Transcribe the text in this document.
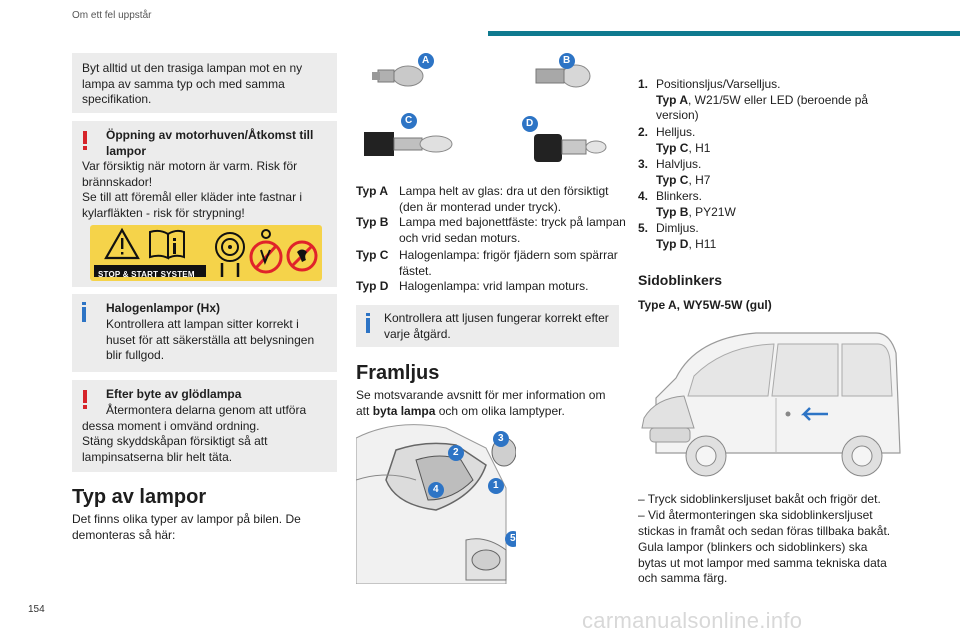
Om ett fel uppstår
Byt alltid ut den trasiga lampan mot en ny lampa av samma typ och med samma specifikation.
Öppning av motorhuven/Åtkomst till lampor
Var försiktig när motorn är varm. Risk för brännskador!
Se till att föremål eller kläder inte fastnar i kylarfläkten - risk för strypning!
STOP & START SYSTEM
Halogenlampor (Hx)
Kontrollera att lampan sitter korrekt i huset för att säkerställa att belysningen blir fullgod.
Efter byte av glödlampa
Återmontera delarna genom att utföra dessa moment i omvänd ordning.
Stäng skyddskåpan försiktigt så att lampinsatserna blir helt täta.
Typ av lampor
Det finns olika typer av lampor på bilen. De demonteras så här:
A	B
C	D
Typ A Lampa helt av glas: dra ut den försiktigt (den är monterad under tryck).
Typ B Lampa med bajonettfäste: tryck på lampan och vrid sedan moturs.
Typ C Halogenlampa: frigör fjädern som spärrar fästet.
Typ D Halogenlampa: vrid lampan moturs.
Kontrollera att ljusen fungerar korrekt efter varje åtgärd.
Framljus
Se motsvarande avsnitt för mer information om att byta lampa och om olika lamptyper.
3
2
4	1
5
1. Positionsljus/Varselljus.
Typ A, W21/5W eller LED (beroende på version)
2. Helljus.
Typ C, H1
3. Halvljus.
Typ C, H7
4. Blinkers.
Typ B, PY21W
5. Dimljus.
Typ D, H11
Sidoblinkers
Type A, WY5W-5W (gul)
– Tryck sidoblinkersljuset bakåt och frigör det.
– Vid återmonteringen ska sidoblinkersljuset stickas in framåt och sedan föras tillbaka bakåt.
Gula lampor (blinkers och sidoblinkers) ska bytas ut mot lampor med samma tekniska data och samma färg.
154	carmanualsonline.info
